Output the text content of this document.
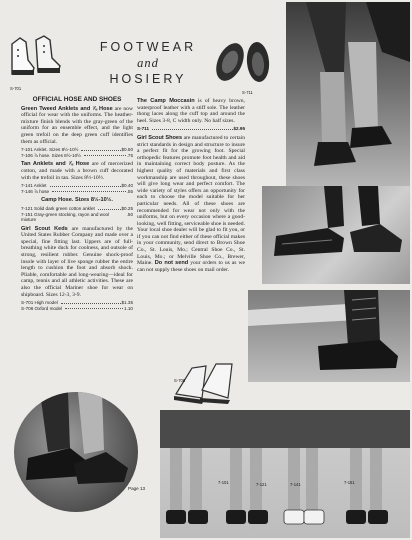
S-701
FOOTWEAR
and
HOSIERY
S-711
S-706
7-101	7-121	7-141	7-151
OFFICIAL HOSE AND SHOES

Green Tweed Anklets and ⅞ Hose are now official for wear with the uniforms. The heather-mixture finish blends with the gray-green of the uniform for an ensemble effect, and the light green trefoil on the deep green cuff identifies them as official.

7-101 Anklet. Sizes 8½-10½	$0.50
7-106 ⅞ hose. Sizes 8½-10½	.75

Tan Anklets and ⅞ Hose are of mercerized cotton, and made with a brown cuff decorated with the trefoil in tan. Sizes 8½-10½.

7-141 Anklet	$0.40
7-146 ⅞ hose	.55

Camp Hose. Sizes 8½-10½.

7-121 Solid dark green cotton anklet	$0.25
7-151 Gray-green stocking, rayon and wool mixture
.50

Girl Scout Keds are manufactured by the United States Rubber Company and made over a special, fine fitting last. Uppers are of full-breathing white duck for coolness, and outsole of strong, resilient rubber. Genuine shock-proof insole with layer of live sponge rubber the entire length to cushion the foot and absorb shock. Pliable, comfortable and long-wearing—ideal for camp, tennis and all athletic activities. These are also the official Mariner shoe for wear on shipboard. Sizes 12-3, 3-9.

S-701 High model	$1.35
S-706 Oxford model	1.10

The Camp Moccasin is of heavy brown, waterproof leather with a stiff sole. The leather thong laces along the cuff top and around the heel. Sizes 3-8, C width only. No half sizes.

S-711	$2.95

Girl Scout Shoes are manufactured to certain strict standards in design and structure to insure a perfect fit for the growing foot. Special orthopedic features promote foot health and aid in maintaining correct body posture. As the highest quality of materials and first class workmanship are used throughout, these shoes will give long wear and perfect comfort. The wide variety of styles offers an opportunity for each to choose the model suitable for her particular needs. All of these shoes are recommended for wear not only with the uniforms, but on every occasion where a good-looking, well fitting, serviceable shoe is needed. Your local shoe dealer will be glad to fit you, or if you can not find either of these official makes in your community, send direct to Brown Shoe Co., St. Louis, Mo.; Central Shoe Co., St. Louis, Mo.; or Melville Shoe Co., Brewer, Maine. Do not send your orders to us as we can not supply these shoes on mail order.

Page 13
